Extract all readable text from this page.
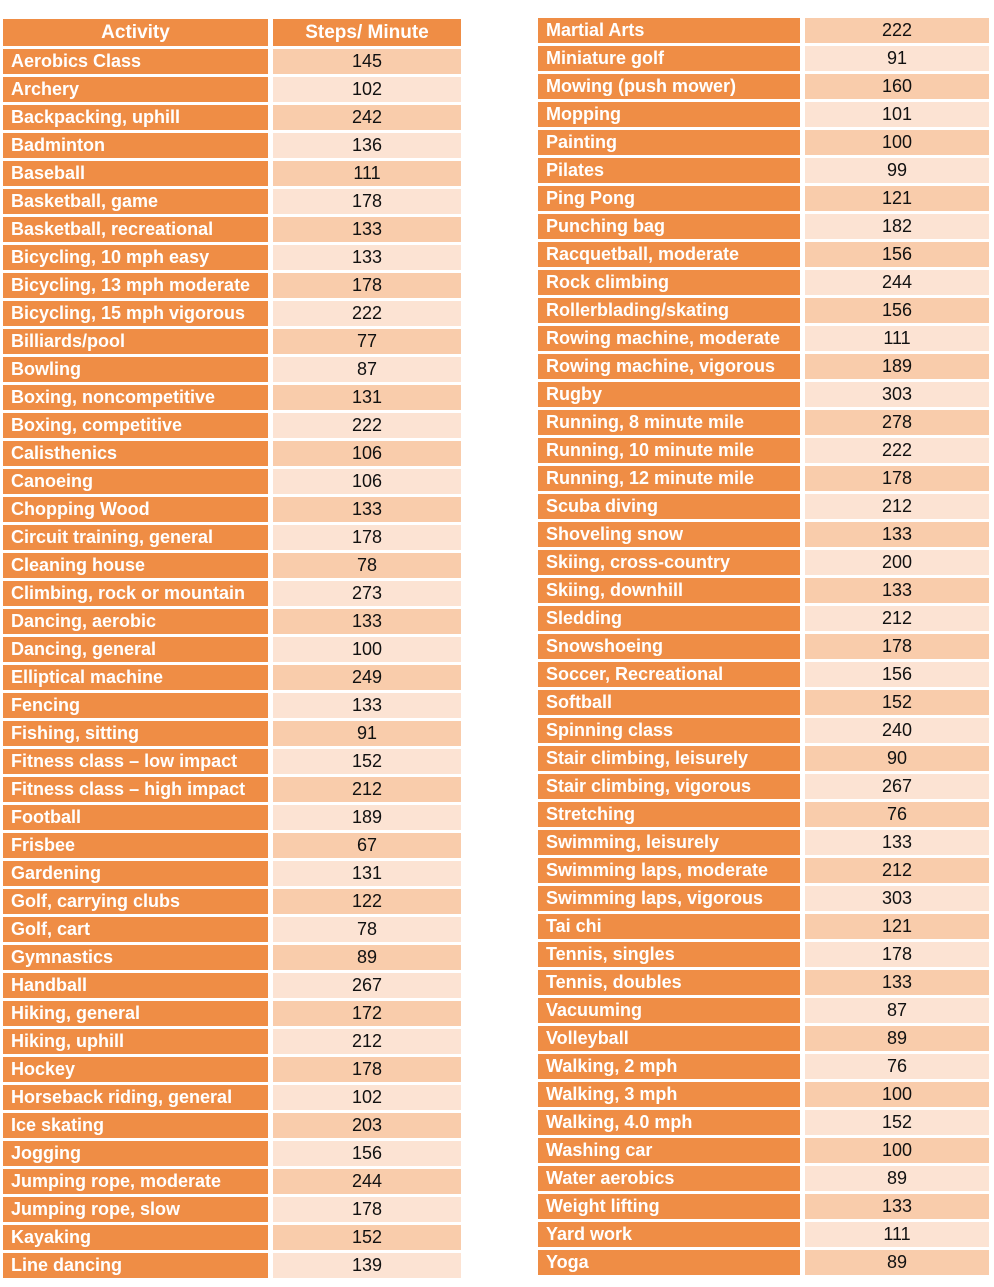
Activity	Steps/ Minute
Aerobics Class	145
Archery	102
Backpacking, uphill	242
Badminton	136
Baseball	111
Basketball, game	178
Basketball, recreational	133
Bicycling, 10 mph easy	133
Bicycling, 13 mph moderate	178
Bicycling, 15 mph vigorous	222
Billiards/pool	77
Bowling	87
Boxing, noncompetitive	131
Boxing, competitive	222
Calisthenics	106
Canoeing	106
Chopping Wood	133
Circuit training, general	178
Cleaning house	78
Climbing, rock or mountain	273
Dancing, aerobic	133
Dancing, general	100
Elliptical machine	249
Fencing	133
Fishing, sitting	91
Fitness class – low impact	152
Fitness class – high impact	212
Football	189
Frisbee	67
Gardening	131
Golf, carrying clubs	122
Golf, cart	78
Gymnastics	89
Handball	267
Hiking, general	172
Hiking, uphill	212
Hockey	178
Horseback riding, general	102
Ice skating	203
Jogging	156
Jumping rope, moderate	244
Jumping rope, slow	178
Kayaking	152
Line dancing	139
Martial Arts	222
Miniature golf	91
Mowing (push mower)	160
Mopping	101
Painting	100
Pilates	99
Ping Pong	121
Punching bag	182
Racquetball, moderate	156
Rock climbing	244
Rollerblading/skating	156
Rowing machine, moderate	111
Rowing machine, vigorous	189
Rugby	303
Running, 8 minute mile	278
Running, 10 minute mile	222
Running, 12 minute mile	178
Scuba diving	212
Shoveling snow	133
Skiing, cross-country	200
Skiing, downhill	133
Sledding	212
Snowshoeing	178
Soccer, Recreational	156
Softball	152
Spinning class	240
Stair climbing, leisurely	90
Stair climbing, vigorous	267
Stretching	76
Swimming, leisurely	133
Swimming laps, moderate	212
Swimming laps, vigorous	303
Tai chi	121
Tennis, singles	178
Tennis, doubles	133
Vacuuming	87
Volleyball	89
Walking, 2 mph	76
Walking, 3 mph	100
Walking, 4.0 mph	152
Washing car	100
Water aerobics	89
Weight lifting	133
Yard work	111
Yoga	89
